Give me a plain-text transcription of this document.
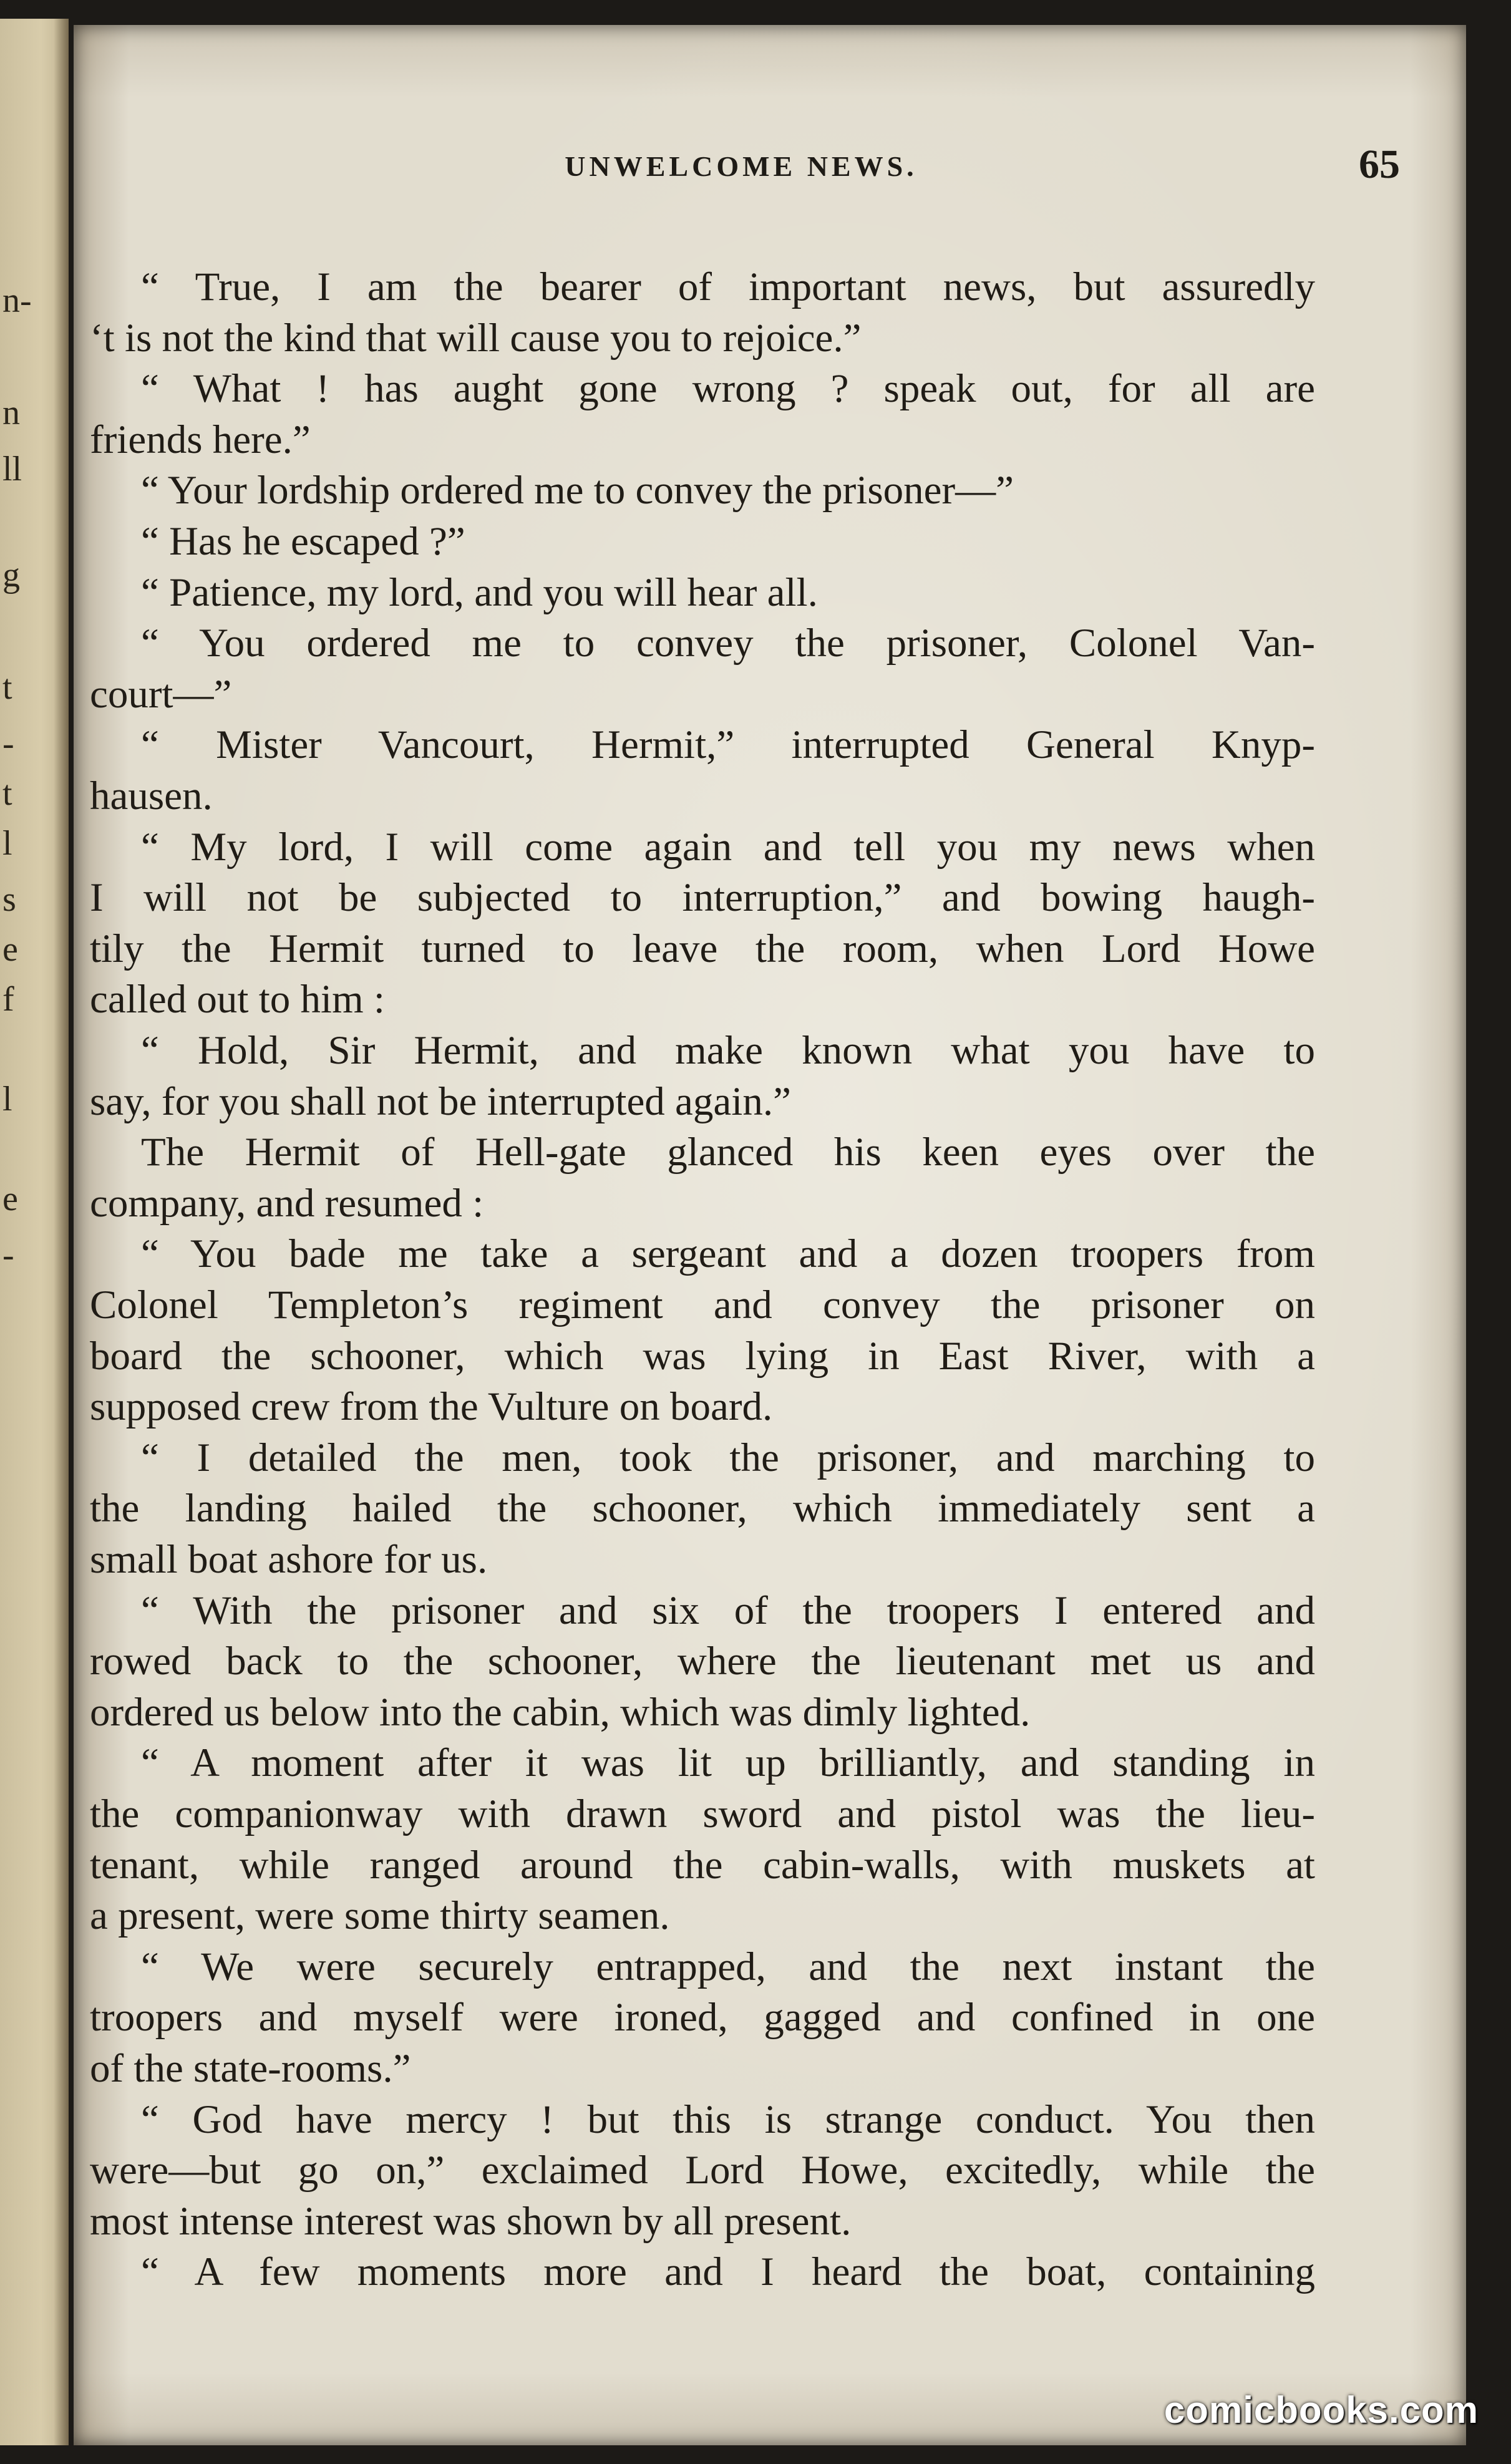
n-
n
ll
g
t
-
t
l
s
e
f
l
e
-
UNWELCOME NEWS.	65
“ True, I am the bearer of important news, but assuredly
‘t is not the kind that will cause you to rejoice.”
“ What ! has aught gone wrong ? speak out, for all are
friends here.”
“ Your lordship ordered me to convey the prisoner—”
“ Has he escaped ?”
“ Patience, my lord, and you will hear all.
“ You ordered me to convey the prisoner, Colonel Van-
court—”
“ Mister Vancourt, Hermit,” interrupted General Knyp-
hausen.
“ My lord, I will come again and tell you my news when
I will not be subjected to interruption,” and bowing haugh-
tily the Hermit turned to leave the room, when Lord Howe
called out to him :
“ Hold, Sir Hermit, and make known what you have to
say, for you shall not be interrupted again.”
The Hermit of Hell-gate glanced his keen eyes over the
company, and resumed :
“ You bade me take a sergeant and a dozen troopers from
Colonel Templeton’s regiment and convey the prisoner on
board the schooner, which was lying in East River, with a
supposed crew from the Vulture on board.
“ I detailed the men, took the prisoner, and marching to
the landing hailed the schooner, which immediately sent a
small boat ashore for us.
“ With the prisoner and six of the troopers I entered and
rowed back to the schooner, where the lieutenant met us and
ordered us below into the cabin, which was dimly lighted.
“ A moment after it was lit up brilliantly, and standing in
the companionway with drawn sword and pistol was the lieu-
tenant, while ranged around the cabin-walls, with muskets at
a present, were some thirty seamen.
“ We were securely entrapped, and the next instant the
troopers and myself were ironed, gagged and confined in one
of the state-rooms.”
“ God have mercy ! but this is strange conduct. You then
were—but go on,” exclaimed Lord Howe, excitedly, while the
most intense interest was shown by all present.
“ A few moments more and I heard the boat, containing
comicbooks.com
